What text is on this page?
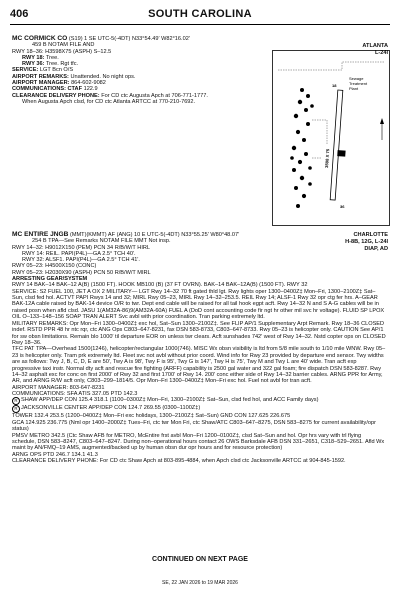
406	SOUTH CAROLINA
ATLANTA
L-24I
MC CORMICK CO (S19) 1 SE UTC-5(-4DT) N33°54.49′ W82°16.02′
459 B NOTAM FILE AND
RWY 18–36: H3598X75 (ASPH) S–12.5
RWY 18: Tree.
RWY 36: Tree. Rgt tfc.
SERVICE: LGT Bcn O/S
AIRPORT REMARKS: Unattended. No night ops.
AIRPORT MANAGER: 864-602-9082
COMMUNICATIONS: CTAF 122.9
CLEARANCE DELIVERY PHONE: For CD ctc Augusta Apch at 706-771-1777.
When Augusta Apch clsd, for CD ctc Atlanta ARTCC at 770-210-7692.
Sewage
Treatment
Plant
18
36
3598 X 75
CHARLOTTE
H-8B, 12G, L-24I
DIAP, AD
MC ENTIRE JNGB (MMT)(KMMT) AF (ANG) 10 E UTC-5(-4DT) N33°55.25′ W80°48.07′
254 B TPA—See Remarks NOTAM FILE MMT Not insp.
RWY 14–32: H9012X150 (PEM) PCN 34 R/B/W/T HIRL
RWY 14: REIL. PAPI(P4L)—GA 2.5° TCH 40′.
RWY 32: ALSF1. PAPI(P4L)—GA 2.5° TCH 41′.
RWY 05–23: H4500X150 (CONC)
RWY 05–23: H2030X90 (ASPH) PCN 50 R/B/W/T MIRL
ARRESTING GEAR/SYSTEM
RWY 14 BAK–14 BAK–12 A(B) (1500 FT). HOOK MB100 (B) (37 FT OVRN). BAK–14 BAK–12A(B) (1500 FT). RWY 32
SERVICE: S2 FUEL 100, JET A OX 2 MILITARY— LGT Rwy 14–32 70 ft gated thld lgt. Rwy lights oper 1300–0400Z‡ Mon–Fri, 1300–2100Z‡ Sat–Sun, clsd fed hol. ACTVT PAPI Rwys 14 and 32; MIRL Rwy 05–23, MIRL Rwy 14–32–253.5. REIL Rwy 14; ALSF-1 Rwy 32 opr ctg fer hrs. A–GEAR BAK-12A cable raised by BAK-14 device O/R to twr. Dept end cable will be raised for all tail hook egpt acft. Rwy 14–32 N and S A-G cables will be in raised posn when afld clsd. JASU 1(AM32A-86)9(AM32A-60A) FUEL A (DoD cont accounting code fir ngt hr other mil svc hr voltage). FLUID SP LPOX OIL O–133–148–156 SOAP TRAN ALERT Svc avbl with prior coordination. Tran parking extremely ltd.
MILITARY REMARKS: Opr Mon–Fri 1300–0400Z‡ exc hol, Sat–Sun 1300–2100Z‡. See FLIP AP/1 Supplementary Arpt Remark. Rwy 18–36 CLOSED indef. RSTD PPR 48 hr ntc rqr, ctc ANG Ops C803–647-8231, fax DSN 583-8733, C803–647-8733. Rwy 05–23 is helicopter only. CAUTION See AP/1 for sw obsn limitations. Remain blo 1000′ til departure EOR on unless twr clears. Acft sunshades 742′ west of Rwy 14–32. Nstd copter ops on CLOSED Rwy 18–36.
TFC PAT TPA—Overhead 1500(1246), helicopter/rectangular 1000(746). MISC Wx obsn visibility is ltd from 5/8 mile south to 1/10 mile WNW. Rwy 05–23 is helicopter only. Tram prk extremely ltd. Fleet svc not avbl without prior coord. Wind info for Rwy 23 provided by departure end sensor. Twy widths are as follows: Twy J, B, C, D, E are 50′, Twy A is 98′, Twy F is 95′, Twy G is 147′, Twy H is 75′, Twy M and Twy L are 40′ wide. Tran acft exp progressive taxi instr. Normal dty acft and rescue fire fighting (ARFF) capability is 2500 gal water and 322 gal foam; fire dispatch DSN 583-8287. Rwy 14–32 asphalt exc for conc on first 2000′ of Rwy 32 and first 1700′ of Rwy 14. 200′ conc either side of Rwy 14–32 barrier cables. ARNG PPR for Army, AR, and ARNG R/W acft only, C803–299–1814/5. Opr Mon–Fri 1300–0400Z‡ Mon–Fri exc hol. Fuel not avbl for tran acft.
AIRPORT MANAGER: 803-647-8231
COMMUNICATIONS: SFA ATIS 327.05 PTD 142.3
R SHAW APP/DEP CON 125.4 318.1 (1100–0300Z‡ Mon–Fri, 1300–2100Z‡ Sat–Sun, clsd fed hol, and ACC Family days)
R JACKSONVILLE CENTER APP/DEP CON 124.7 269.55 (0300–1100Z‡)
TOWER 132.4 253.5 (1200–0400Z‡ Mon–Fri exc holidays, 1300–2100Z‡ Sat–Sun) GND CON 127.625 226.675
GCA 124.925 236.775 (Nml opr 1400–2000Z‡ Tues–Fri, ctc twr Mon Fri, ctc Shaw/ATC C803–647–8275, DSN 583–8275 for current availability/opr status)
PMSV METRO 342.5 (Ctc Shaw AFB for METRO, McEntire frst avbl Mon–Fri 1200–0100Z‡, clsd Sat–Sun and hol. Opr hrs vary with trl flying schedule, DSN 583–8247, C803–647–8247. During non–operational hours contact 26 OWS Barksdale AFB DSN 331–2651, C318–529–2651. Afld Wx maint by AN/FMQ–19 AMS, augmented/backed up by human obsn dur opr hours and for resource protection)
ARNG OPS PTD 246.7 134.1 41.3
CLEARANCE DELIVERY PHONE: For CD ctc Shaw Apch at 803-895-4884, when Apch clsd ctc Jacksonville ARTCC at 904-845-1592.
CONTINUED ON NEXT PAGE
SE, 22 JAN 2026 to 19 MAR 2026
